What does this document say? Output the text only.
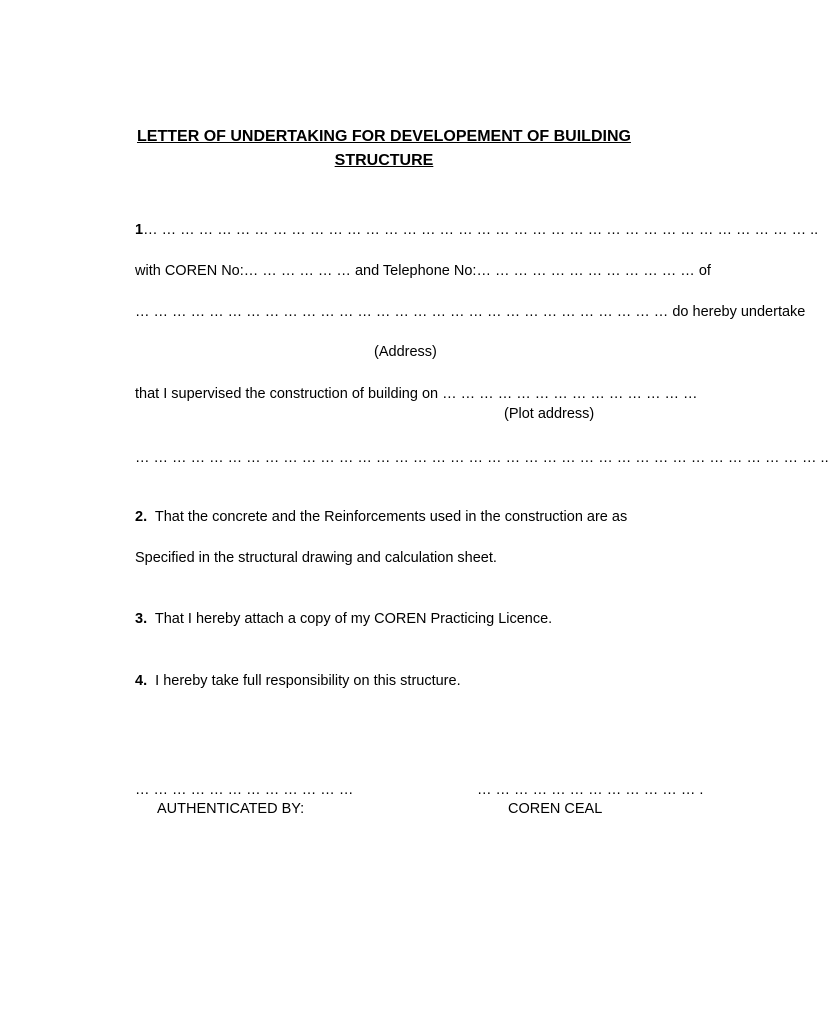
LETTER OF UNDERTAKING FOR DEVELOPEMENT OF BUILDING
STRUCTURE
1… … … … … … … … … … … … … … … … … … … … … … … … … … … … … … … … … … … … ..
with COREN No:… … … … … … and Telephone No:… … … … … … … … … … … … of
… … … … … … … … … … … … … … … … … … … … … … … … … … … … … do hereby undertake
(Address)
that I supervised the construction of building on … … … … … … … … … … … … … …
(Plot address)
… … … … … … … … … … … … … … … … … … … … … … … … … … … … … … … … … … … … … ..
2. That the concrete and the Reinforcements used in the construction are as
Specified in the structural drawing and calculation sheet.
3. That I hereby attach a copy of my COREN Practicing Licence.
4. I hereby take full responsibility on this structure.
… … … … … … … … … … … …
AUTHENTICATED BY:
… … … … … … … … … … … … .
COREN CEAL
